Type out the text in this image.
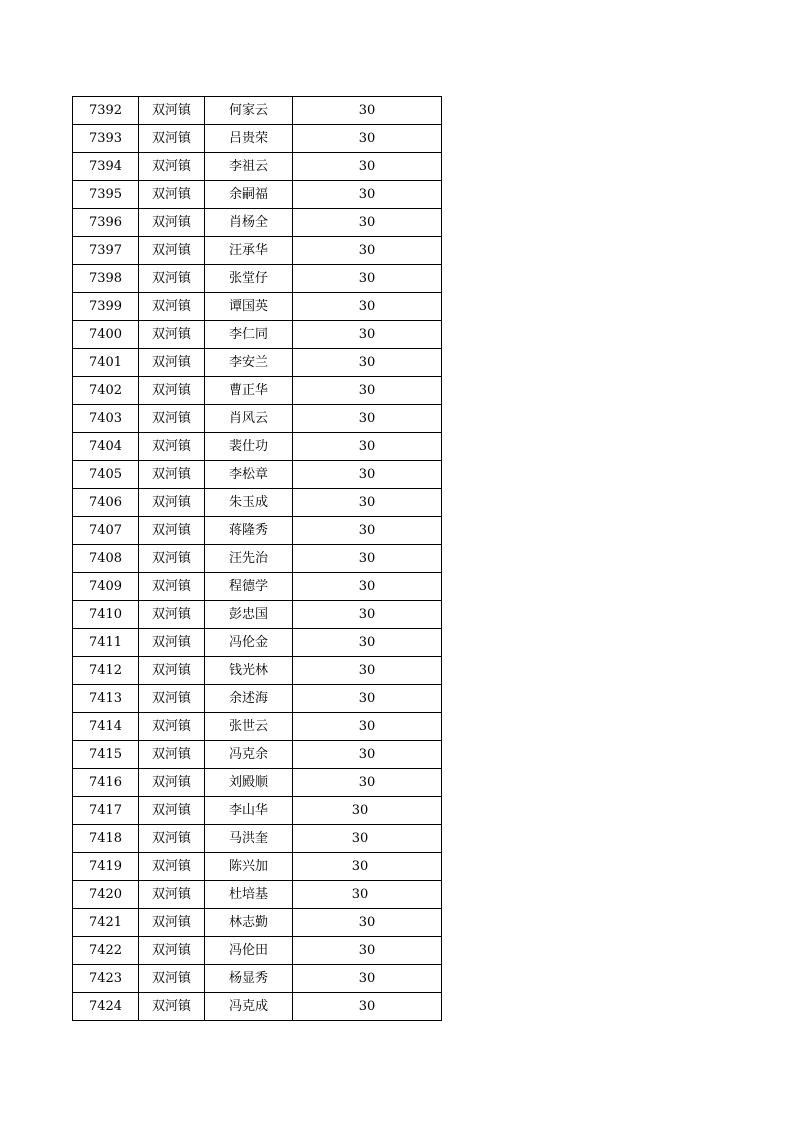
7392	双河镇	何家云	30
7393	双河镇	吕贵荣	30
7394	双河镇	李祖云	30
7395	双河镇	余嗣福	30
7396	双河镇	肖杨全	30
7397	双河镇	汪承华	30
7398	双河镇	张堂仔	30
7399	双河镇	谭国英	30
7400	双河镇	李仁同	30
7401	双河镇	李安兰	30
7402	双河镇	曹正华	30
7403	双河镇	肖风云	30
7404	双河镇	裴仕功	30
7405	双河镇	李松章	30
7406	双河镇	朱玉成	30
7407	双河镇	蒋隆秀	30
7408	双河镇	汪先治	30
7409	双河镇	程德学	30
7410	双河镇	彭忠国	30
7411	双河镇	冯伦金	30
7412	双河镇	钱光林	30
7413	双河镇	余述海	30
7414	双河镇	张世云	30
7415	双河镇	冯克余	30
7416	双河镇	刘殿顺	30
7417	双河镇	李山华	30
7418	双河镇	马洪奎	30
7419	双河镇	陈兴加	30
7420	双河镇	杜培基	30
7421	双河镇	林志勤	30
7422	双河镇	冯伦田	30
7423	双河镇	杨显秀	30
7424	双河镇	冯克成	30
